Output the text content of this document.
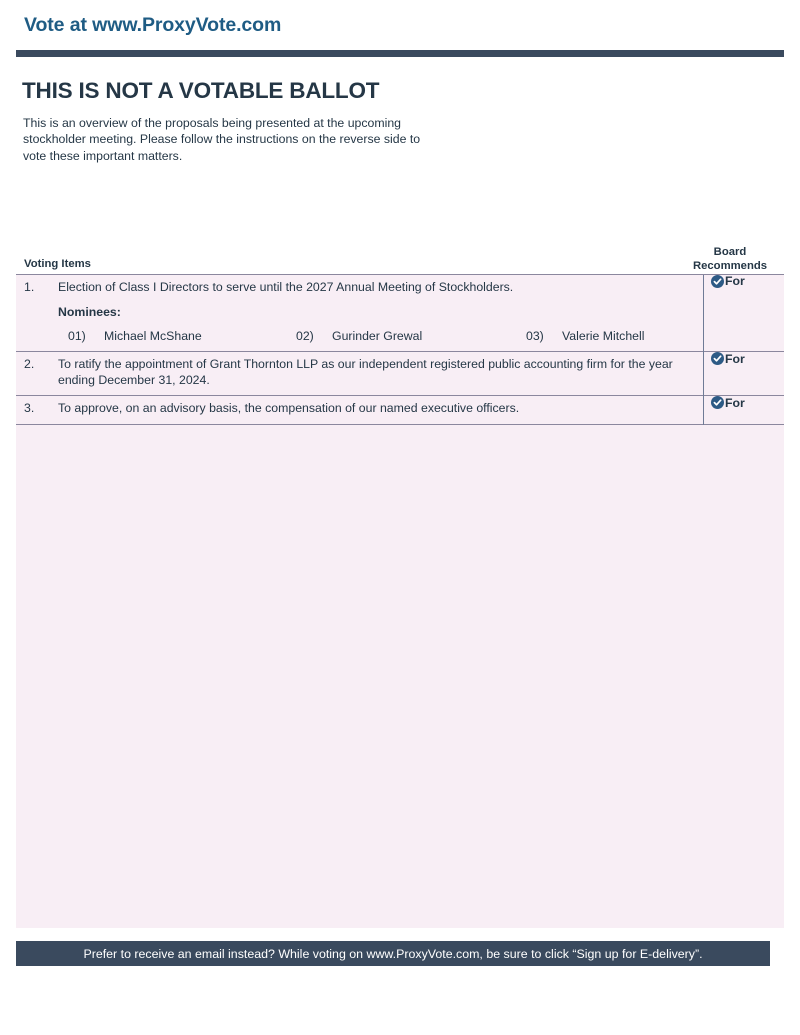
Vote at www.ProxyVote.com
THIS IS NOT A VOTABLE BALLOT
This is an overview of the proposals being presented at the upcoming stockholder meeting. Please follow the instructions on the reverse side to vote these important matters.
Voting Items
Board
Recommends
1.	Election of Class I Directors to serve until the 2027 Annual Meeting of Stockholders.
Nominees:
01) Michael McShane 02) Gurinder Grewal 03) Valerie Mitchell	For

2.	To ratify the appointment of Grant Thornton LLP as our independent registered public accounting firm for the year ending December 31, 2024.	For

3.	To approve, on an advisory basis, the compensation of our named executive officers.	For

Prefer to receive an email instead? While voting on www.ProxyVote.com, be sure to click “Sign up for E-delivery”.
